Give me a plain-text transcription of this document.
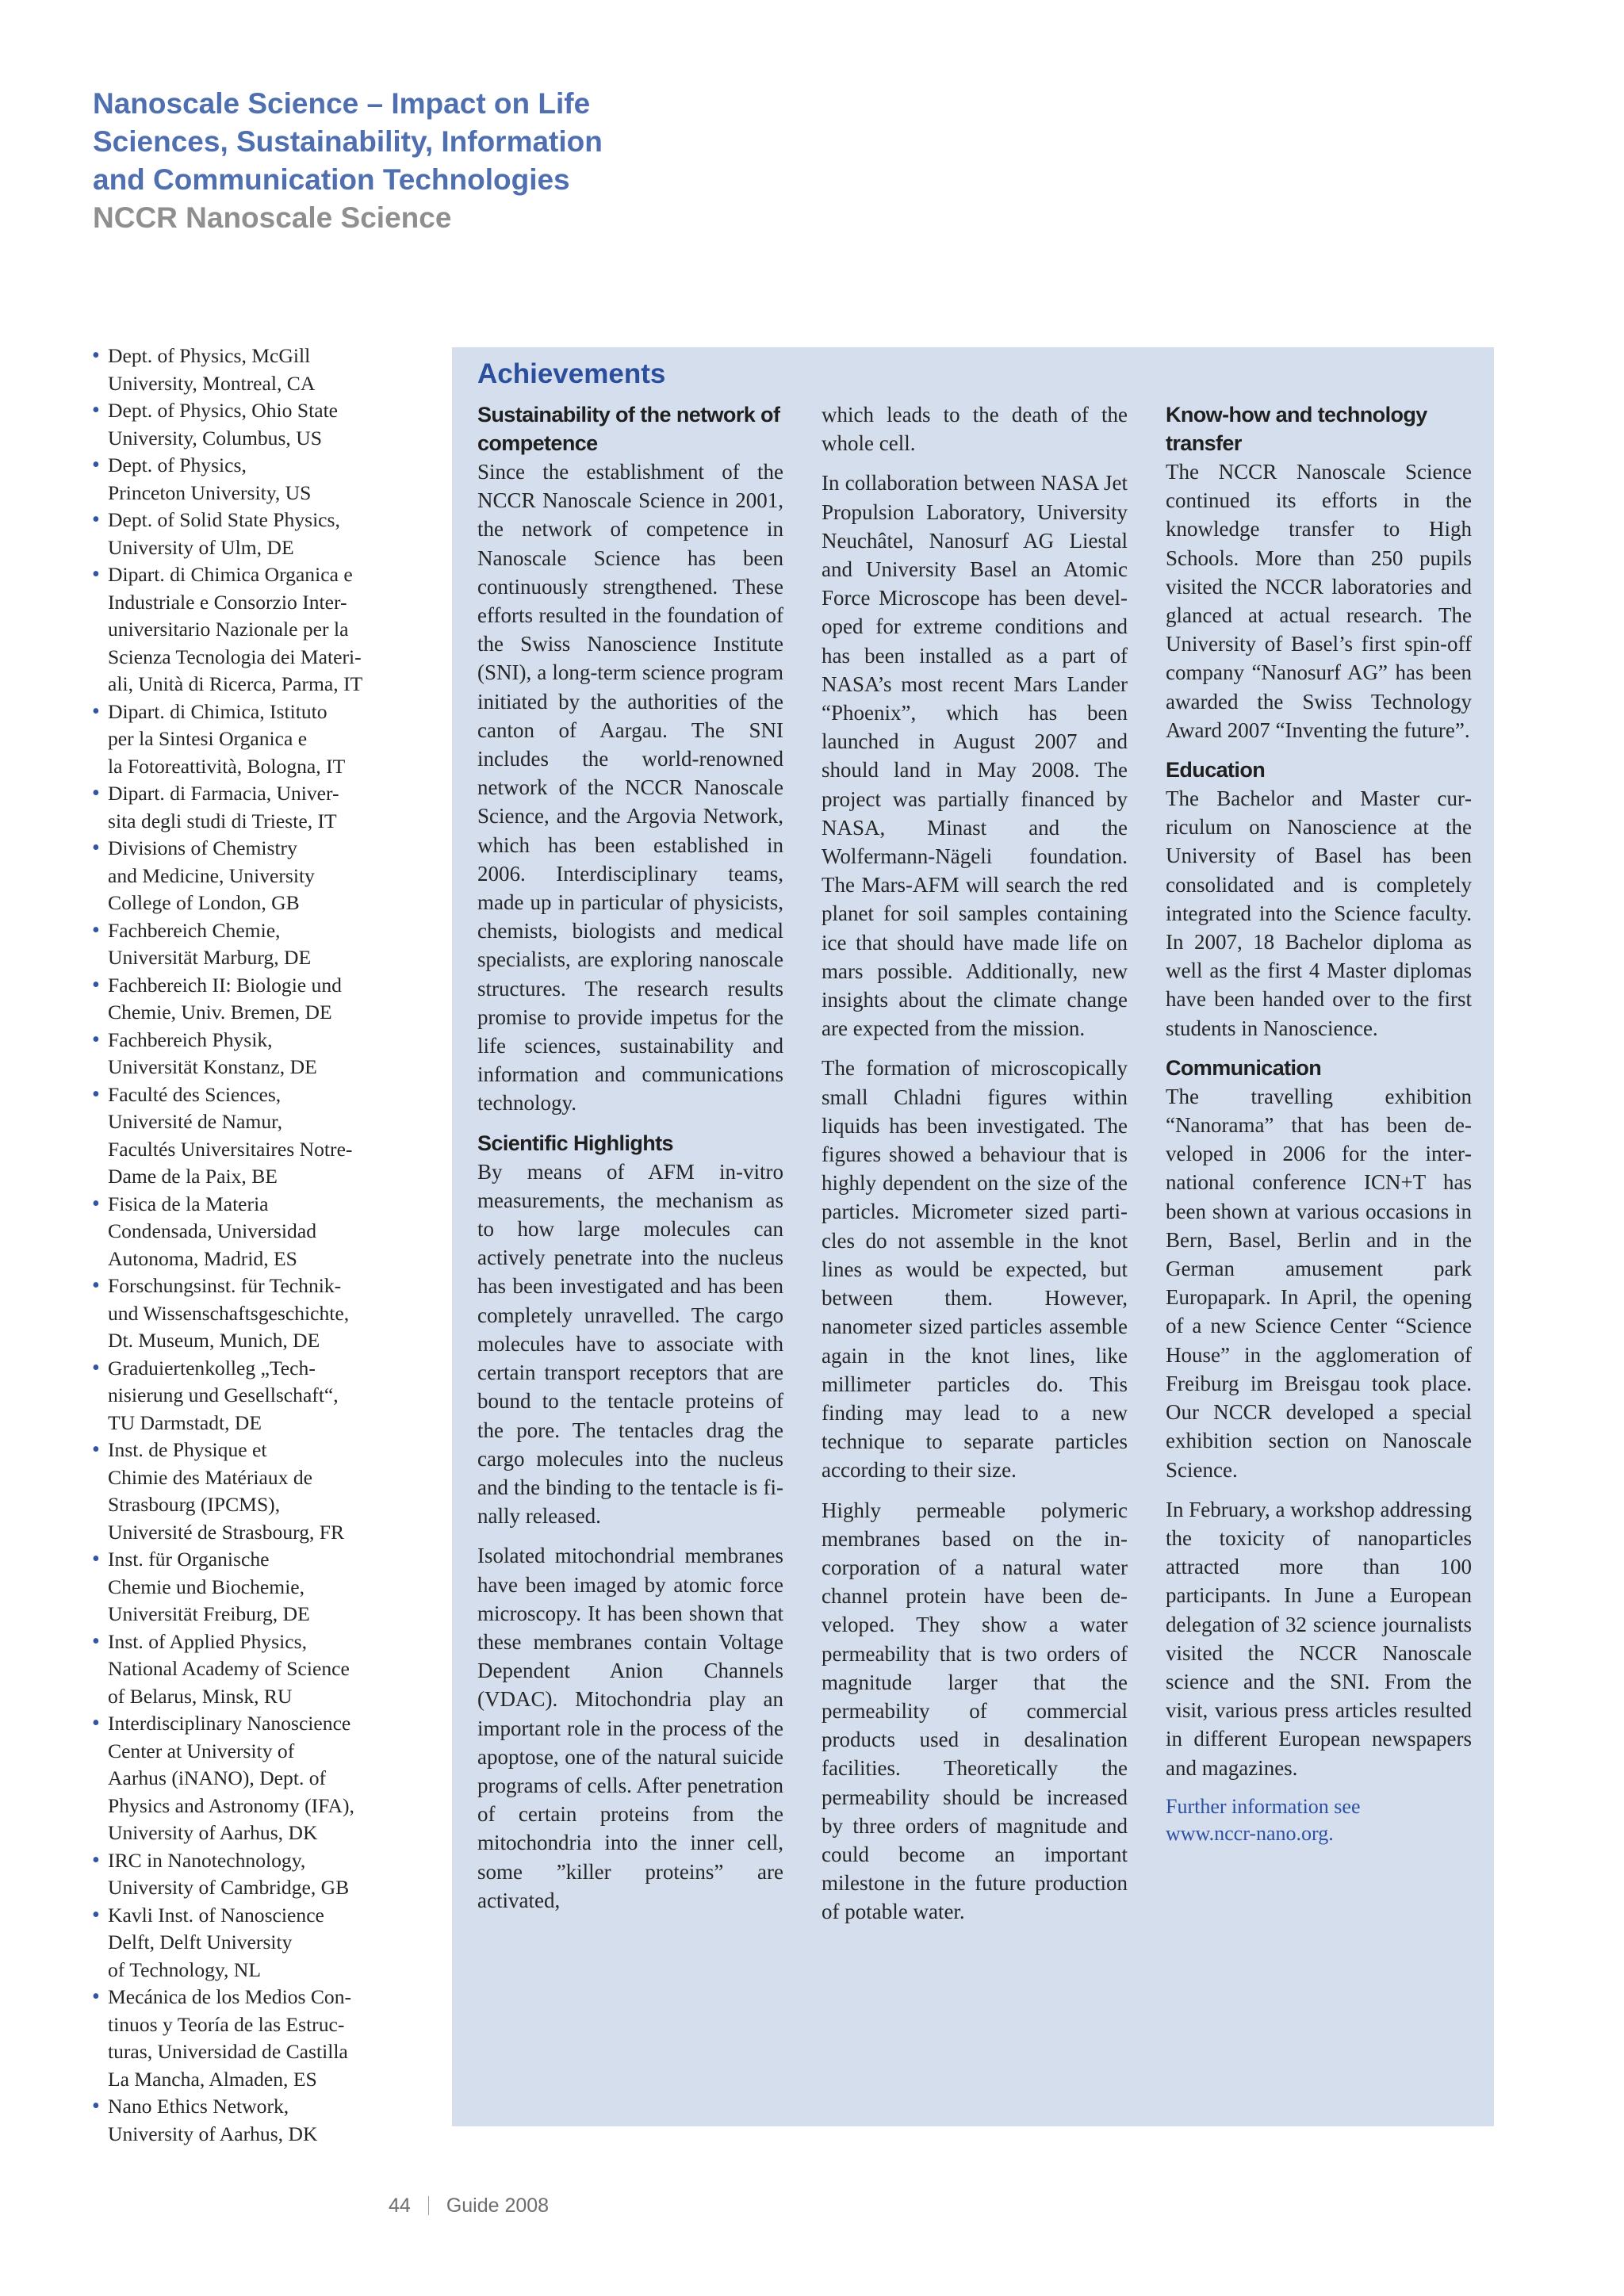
Nanoscale Science – Impact on Life
Sciences, Sustainability, Information
and Communication Technologies
NCCR Nanoscale Science
• Dept. of Physics, McGill
University, Montreal, CA
• Dept. of Physics, Ohio State
University, Columbus, US
• Dept. of Physics,
Princeton University, US
• Dept. of Solid State Physics,
University of Ulm, DE
• Dipart. di Chimica Organica e
Industriale e Consorzio Inter-
universitario Nazionale per la
Scienza Tecnologia dei Materi-
ali, Unità di Ricerca, Parma, IT
• Dipart. di Chimica, Istituto
per la Sintesi Organica e
la Fotoreattività, Bologna, IT
• Dipart. di Farmacia, Univer-
sita degli studi di Trieste, IT
• Divisions of Chemistry
and Medicine, University
College of London, GB
• Fachbereich Chemie,
Universität Marburg, DE
• Fachbereich II: Biologie und
Chemie, Univ. Bremen, DE
• Fachbereich Physik,
Universität Konstanz, DE
• Faculté des Sciences,
Université de Namur,
Facultés Universitaires Notre-
Dame de la Paix, BE
• Fisica de la Materia
Condensada, Universidad
Autonoma, Madrid, ES
• Forschungsinst. für Technik-
und Wissenschaftsgeschichte,
Dt. Museum, Munich, DE
• Graduiertenkolleg „Tech-
nisierung und Gesellschaft“,
TU Darmstadt, DE
• Inst. de Physique et
Chimie des Matériaux de
Strasbourg (IPCMS),
Université de Strasbourg, FR
• Inst. für Organische
Chemie und Biochemie,
Universität Freiburg, DE
• Inst. of Applied Physics,
National Academy of Science
of Belarus, Minsk, RU
• Interdisciplinary Nanoscience
Center at University of
Aarhus (iNANO), Dept. of
Physics and Astronomy (IFA),
University of Aarhus, DK
• IRC in Nanotechnology,
University of Cambridge, GB
• Kavli Inst. of Nanoscience
Delft, Delft University
of Technology, NL
• Mecánica de los Medios Con-
tinuos y Teoría de las Estruc-
turas, Universidad de Castilla
La Mancha, Almaden, ES
• Nano Ethics Network,
University of Aarhus, DK
Achievements
Sustainability of the network of competence

Since the establishment of the NCCR Nanoscale Science in 2001, the network of competence in Nanoscale Science has been continuously strengthened. These efforts resulted in the foundation of the Swiss Nanoscience Institute (SNI), a long-term science program initiated by the authorities of the canton of Aargau. The SNI includes the world-renowned network of the NCCR Nanoscale Science, and the Argovia Network, which has been established in 2006. Interdisciplinary teams, made up in particular of physicists, chemists, biologists and medical specialists, are exploring nanoscale structures. The research results promise to provide impetus for the life sciences, sustainability and information and communications technology.

Scientific Highlights

By means of AFM in-vitro measurements, the mechanism as to how large molecules can actively penetrate into the nucleus has been investigated and has been completely unravelled. The cargo molecules have to associate with certain transport receptors that are bound to the tentacle proteins of the pore. The tentacles drag the cargo molecules into the nucleus and the binding to the tentacle is finally released.

Isolated mitochondrial membranes have been imaged by atomic force microscopy. It has been shown that these membranes contain Voltage Dependent Anion Channels (VDAC). Mitochondria play an important role in the process of the apoptose, one of the natural suicide programs of cells. After penetration of certain proteins from the mitochondria into the inner cell, some ”killer proteins” are activated,

which leads to the death of the whole cell.

In collaboration between NASA Jet Propulsion Laboratory, University Neuchâtel, Nanosurf AG Liestal and University Basel an Atomic Force Microscope has been developed for extreme conditions and has been installed as a part of NASA’s most recent Mars Lander “Phoenix”, which has been launched in August 2007 and should land in May 2008. The project was partially financed by NASA, Minast and the Wolfermann-Nägeli foundation. The Mars-AFM will search the red planet for soil samples containing ice that should have made life on mars possible. Additionally, new insights about the climate change are expected from the mission.

The formation of microscopically small Chladni figures within liquids has been investigated. The figures showed a behaviour that is highly dependent on the size of the particles. Micrometer sized particles do not assemble in the knot lines as would be expected, but between them. However, nanometer sized particles assemble again in the knot lines, like millimeter particles do. This finding may lead to a new technique to separate particles according to their size.

Highly permeable polymeric membranes based on the incorporation of a natural water channel protein have been developed. They show a water permeability that is two orders of magnitude larger that the permeability of commercial products used in desalination facilities. Theoretically the permeability should be increased by three orders of magnitude and could become an important milestone in the future production of potable water.

Know-how and technology transfer

The NCCR Nanoscale Science continued its efforts in the knowledge transfer to High Schools. More than 250 pupils visited the NCCR laboratories and glanced at actual research. The University of Basel’s first spin-off company “Nanosurf AG” has been awarded the Swiss Technology Award 2007 “Inventing the future”.

Education

The Bachelor and Master curriculum on Nanoscience at the University of Basel has been consolidated and is completely integrated into the Science faculty. In 2007, 18 Bachelor diploma as well as the first 4 Master diplomas have been handed over to the first students in Nanoscience.

Communication

The travelling exhibition “Nanorama” that has been developed in 2006 for the international conference ICN+T has been shown at various occasions in Bern, Basel, Berlin and in the German amusement park Europapark. In April, the opening of a new Science Center “Science House” in the agglomeration of Freiburg im Breisgau took place. Our NCCR developed a special exhibition section on Nanoscale Science.

In February, a workshop addressing the toxicity of nanoparticles attracted more than 100 participants. In June a European delegation of 32 science journalists visited the NCCR Nanoscale science and the SNI. From the visit, various press articles resulted in different European newspapers and magazines.

Further information see
www.nccr-nano.org.
44 Guide 2008
